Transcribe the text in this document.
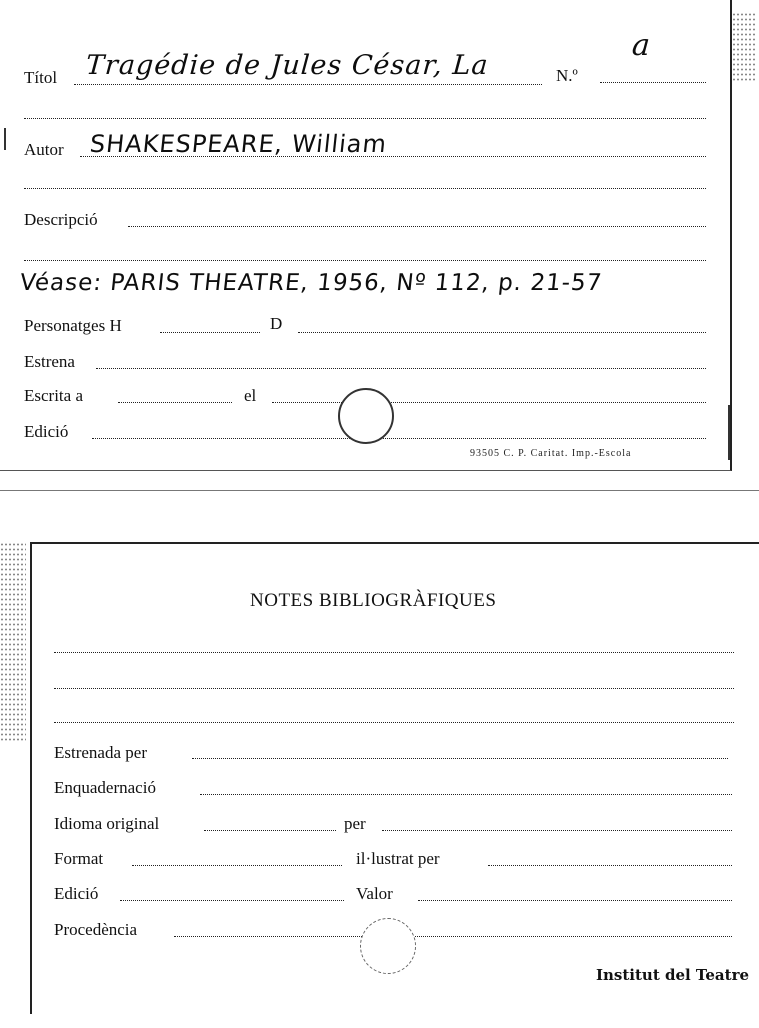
Títol Tragédie de Jules César, La	N.º
a
Autor SHAKESPEARE, William
Descripció
Véase: PARIS THEATRE, 1956, Nº 112, p. 21-57
Personatges H	D
Estrena
Escrita a	el
Edició
93505 C. P. Caritat. Imp.-Escola
NOTES BIBLIOGRÀFIQUES
Estrenada per
Enquadernació
Idioma original	per
Format	il·lustrat per
Edició	Valor
Procedència
Institut del Teatre
